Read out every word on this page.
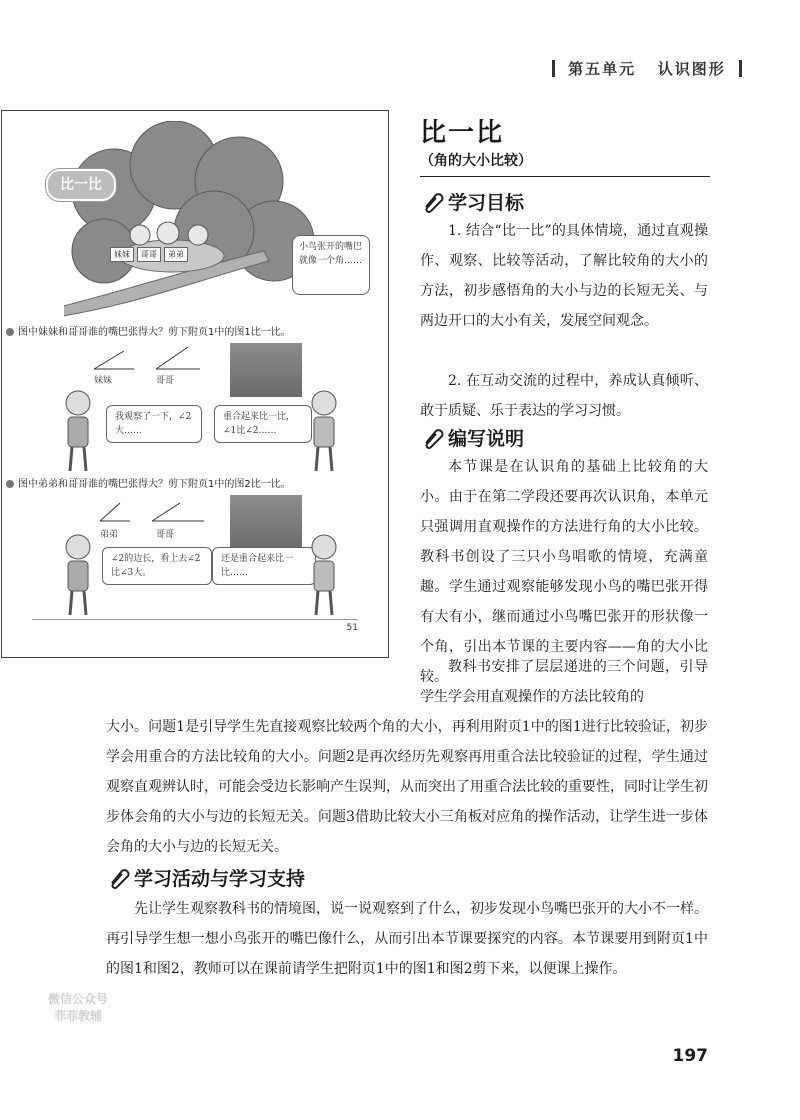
第五单元 认识图形
比一比
妹妹 哥哥 弟弟
小鸟张开的嘴巴就像一个角……
图中妹妹和哥哥谁的嘴巴张得大？剪下附页1中的图1比一比。
妹妹	哥哥
我观察了一下，∠2大……
重合起来比一比，∠1比∠2……
图中弟弟和哥哥谁的嘴巴张得大？剪下附页1中的图2比一比。
弟弟	哥哥
∠2的边长，看上去∠2比∠3大。
还是重合起来比一比……
51
比一比
（角的大小比较）
学习目标

1. 结合“比一比”的具体情境，通过直观操作、观察、比较等活动，了解比较角的大小的方法，初步感悟角的大小与边的长短无关、与两边开口的大小有关，发展空间观念。

2. 在互动交流的过程中，养成认真倾听、敢于质疑、乐于表达的学习习惯。

编写说明

本节课是在认识角的基础上比较角的大小。由于在第二学段还要再次认识角，本单元只强调用直观操作的方法进行角的大小比较。教科书创设了三只小鸟唱歌的情境，充满童趣。学生通过观察能够发现小鸟的嘴巴张开得有大有小，继而通过小鸟嘴巴张开的形状像一个角，引出本节课的主要内容——角的大小比较。

教科书安排了层层递进的三个问题，引导学生学会用直观操作的方法比较角的

大小。问题1是引导学生先直接观察比较两个角的大小，再利用附页1中的图1进行比较验证，初步学会用重合的方法比较角的大小。问题2是再次经历先观察再用重合法比较验证的过程，学生通过观察直观辨认时，可能会受边长影响产生误判，从而突出了用重合法比较的重要性，同时让学生初步体会角的大小与边的长短无关。问题3借助比较大小三角板对应角的操作活动，让学生进一步体会角的大小与边的长短无关。

学习活动与学习支持

先让学生观察教科书的情境图，说一说观察到了什么，初步发现小鸟嘴巴张开的大小不一样。再引导学生想一想小鸟张开的嘴巴像什么，从而引出本节课要探究的内容。本节课要用到附页1中的图1和图2，教师可以在课前请学生把附页1中的图1和图2剪下来，以便课上操作。

微信公众号
菲菲教辅
197
